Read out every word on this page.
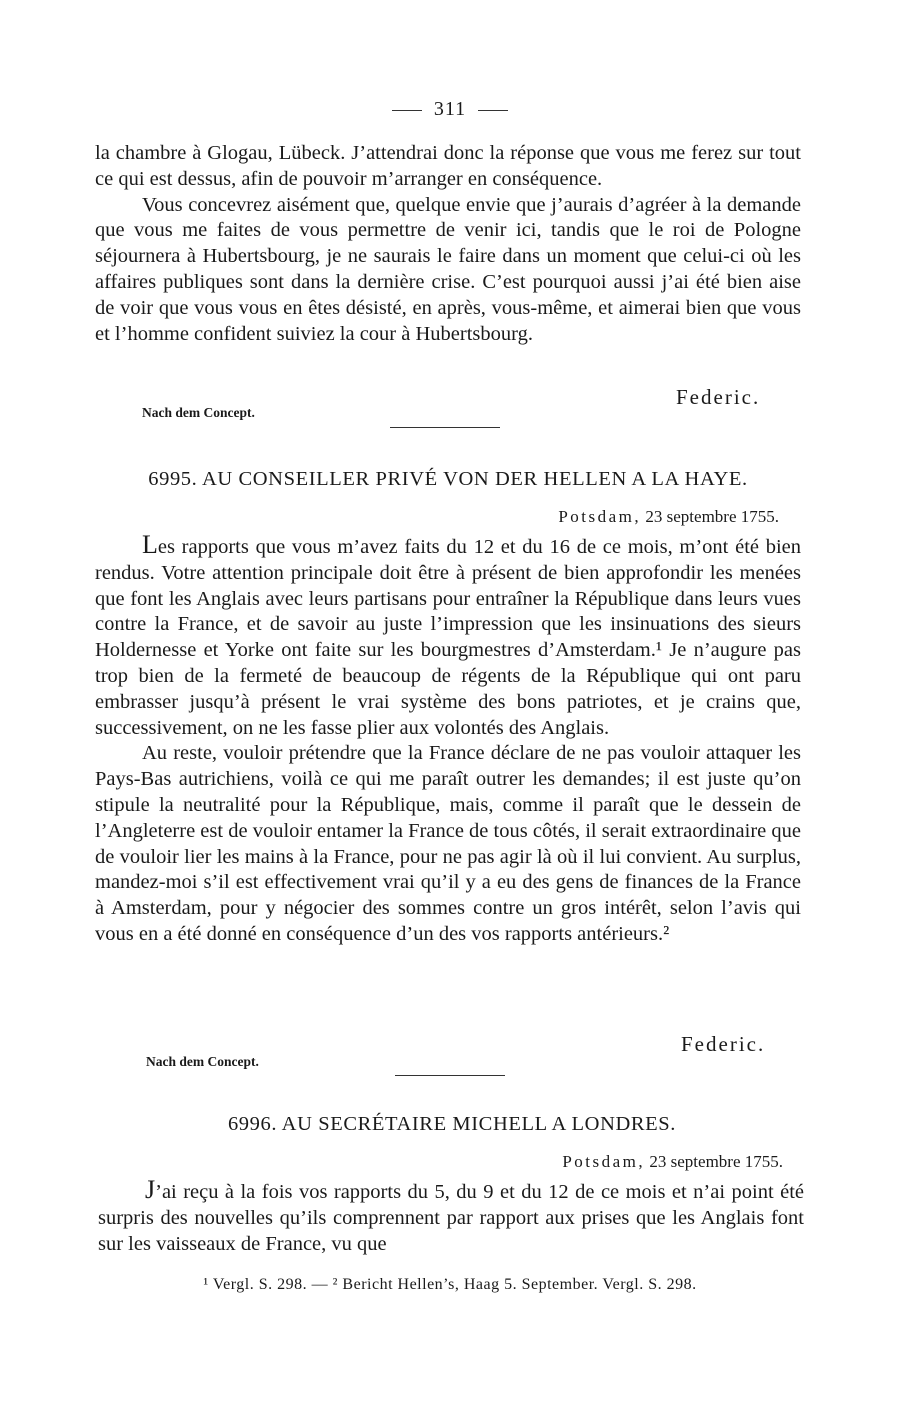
311

la chambre à Glogau, Lübeck. J’attendrai donc la réponse que vous me ferez sur tout ce qui est dessus, afin de pouvoir m’arranger en conséquence.

Vous concevrez aisément que, quelque envie que j’aurais d’agréer à la demande que vous me faites de vous permettre de venir ici, tandis que le roi de Pologne séjournera à Hubertsbourg, je ne saurais le faire dans un moment que celui-ci où les affaires publiques sont dans la dernière crise. C’est pourquoi aussi j’ai été bien aise de voir que vous vous en êtes désisté, en après, vous-même, et aimerai bien que vous et l’homme confident suiviez la cour à Hubertsbourg.

Federic.
Nach dem Concept.
6995. AU CONSEILLER PRIVÉ VON DER HELLEN A LA HAYE.
Potsdam, 23 septembre 1755.

Les rapports que vous m’avez faits du 12 et du 16 de ce mois, m’ont été bien rendus. Votre attention principale doit être à présent de bien approfondir les menées que font les Anglais avec leurs partisans pour entraîner la République dans leurs vues contre la France, et de savoir au juste l’impression que les insinuations des sieurs Holdernesse et Yorke ont faite sur les bourgmestres d’Amsterdam.¹ Je n’augure pas trop bien de la fermeté de beaucoup de régents de la République qui ont paru embrasser jusqu’à présent le vrai système des bons patriotes, et je crains que, successivement, on ne les fasse plier aux volontés des Anglais.

Au reste, vouloir prétendre que la France déclare de ne pas vouloir attaquer les Pays-Bas autrichiens, voilà ce qui me paraît outrer les demandes; il est juste qu’on stipule la neutralité pour la République, mais, comme il paraît que le dessein de l’Angleterre est de vouloir entamer la France de tous côtés, il serait extraordinaire que de vouloir lier les mains à la France, pour ne pas agir là où il lui convient. Au surplus, mandez-moi s’il est effectivement vrai qu’il y a eu des gens de finances de la France à Amsterdam, pour y négocier des sommes contre un gros intérêt, selon l’avis qui vous en a été donné en conséquence d’un des vos rapports antérieurs.²

Federic.
Nach dem Concept.
6996. AU SECRÉTAIRE MICHELL A LONDRES.
Potsdam, 23 septembre 1755.

J’ai reçu à la fois vos rapports du 5, du 9 et du 12 de ce mois et n’ai point été surpris des nouvelles qu’ils comprennent par rapport aux prises que les Anglais font sur les vaisseaux de France, vu que

¹ Vergl. S. 298. — ² Bericht Hellen’s, Haag 5. September. Vergl. S. 298.
